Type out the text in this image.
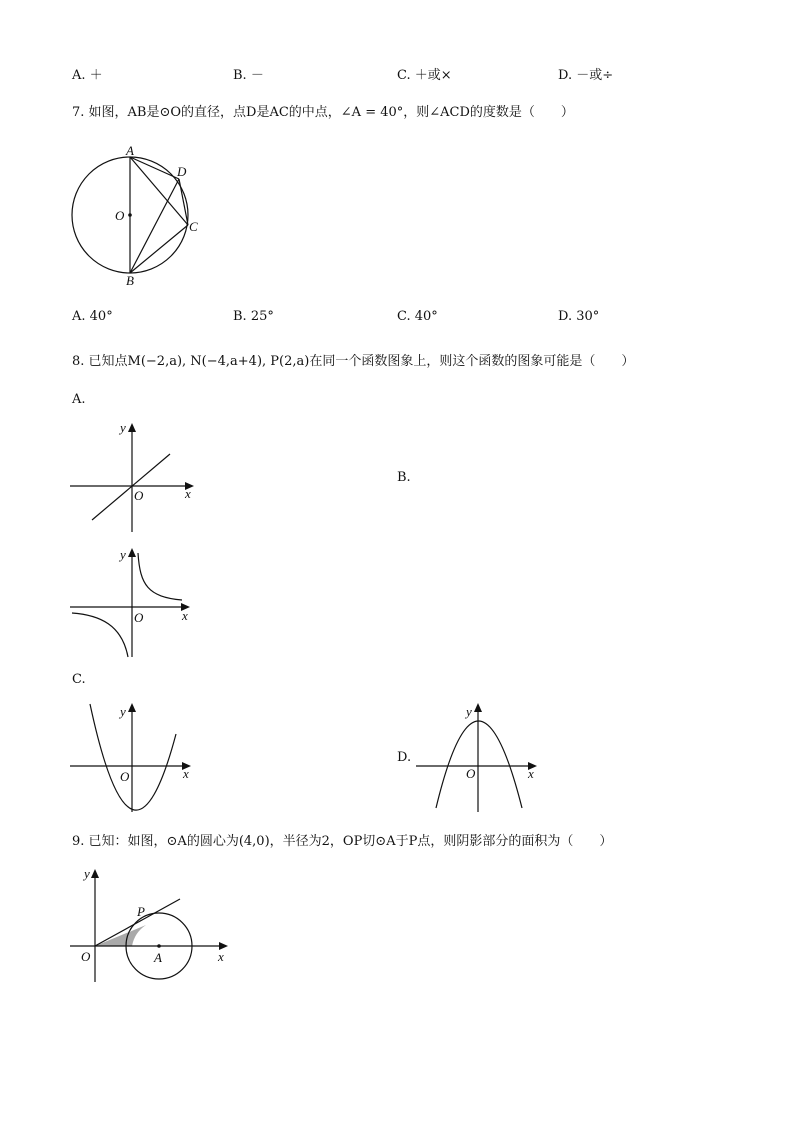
A. ＋	B. －	C. ＋或×	D. －或÷
7. 如图，AB是⊙O的直径，点D是AC的中点，∠A = 40°，则∠ACD的度数是（　　）
A
D
O
C
B
A. 40°	B. 25°	C. 40°	D. 30°
8. 已知点M(−2,a), N(−4,a+4), P(2,a)在同一个函数图象上，则这个函数的图象可能是（　　）
A.
y
O	x
B.
y
O	x
C.
y
O	x
D.
y
O	x
9. 已知：如图，⊙A的圆心为(4,0)，半径为2，OP切⊙A于P点，则阴影部分的面积为（　　）
y
P
O	A	x
